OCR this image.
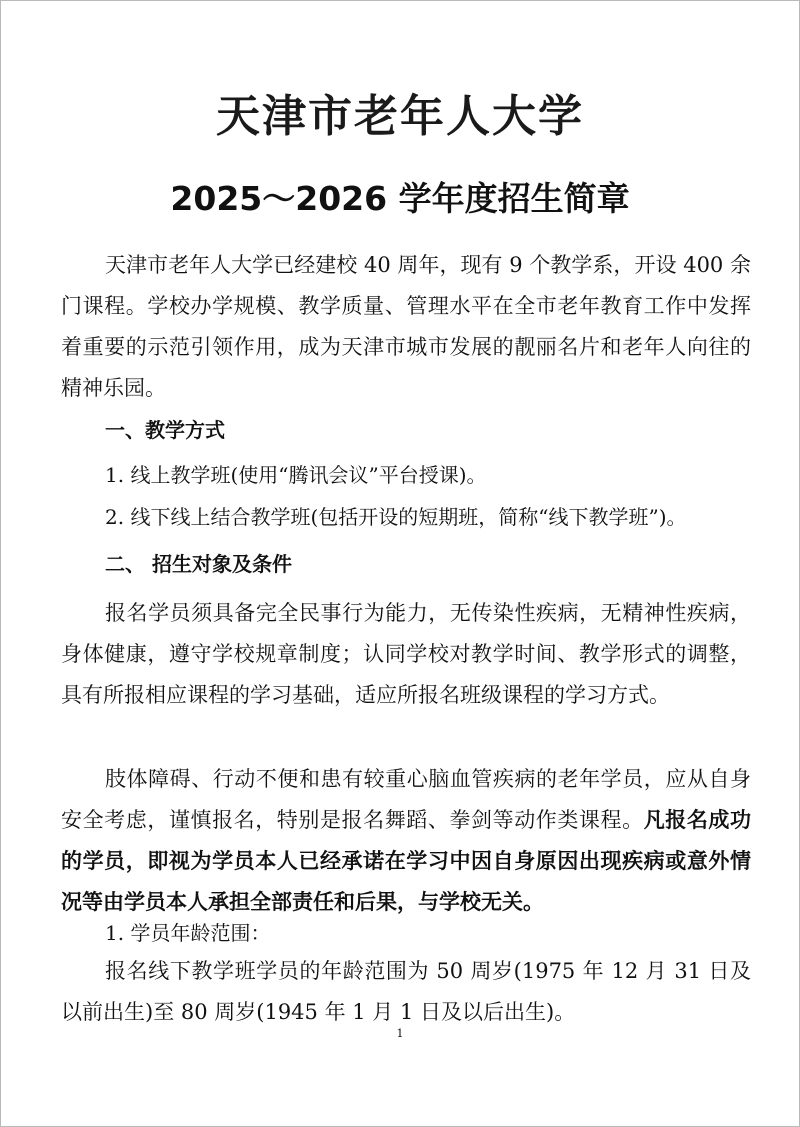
天津市老年人大学
2025～2026 学年度招生简章

天津市老年人大学已经建校 40 周年，现有 9 个教学系，开设 400 余门课程。学校办学规模、教学质量、管理水平在全市老年教育工作中发挥着重要的示范引领作用，成为天津市城市发展的靓丽名片和老年人向往的精神乐园。

一、教学方式

1. 线上教学班(使用“腾讯会议”平台授课)。

2. 线下线上结合教学班(包括开设的短期班，简称“线下教学班”)。

二、 招生对象及条件

报名学员须具备完全民事行为能力，无传染性疾病，无精神性疾病，身体健康，遵守学校规章制度；认同学校对教学时间、教学形式的调整，具有所报相应课程的学习基础，适应所报名班级课程的学习方式。

肢体障碍、行动不便和患有较重心脑血管疾病的老年学员，应从自身安全考虑，谨慎报名，特别是报名舞蹈、拳剑等动作类课程。凡报名成功的学员，即视为学员本人已经承诺在学习中因自身原因出现疾病或意外情况等由学员本人承担全部责任和后果，与学校无关。

1. 学员年龄范围：

报名线下教学班学员的年龄范围为 50 周岁(1975 年 12 月 31 日及以前出生)至 80 周岁(1945 年 1 月 1 日及以后出生)。

1
